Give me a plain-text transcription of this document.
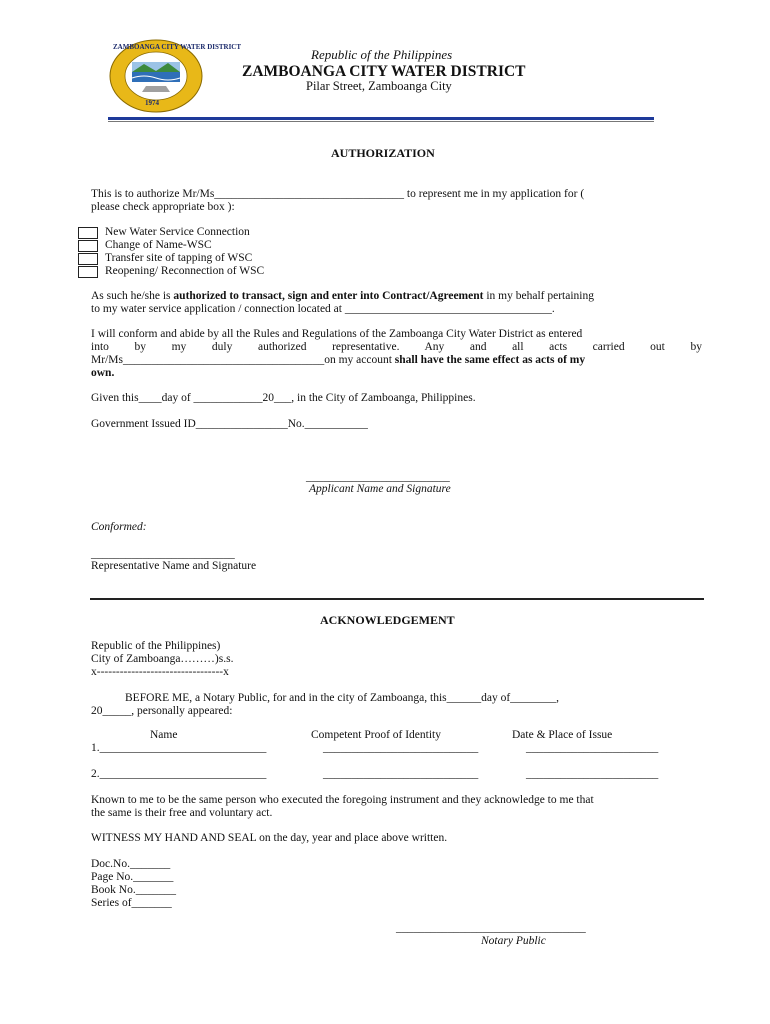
ZAMBOANGA CITY WATER DISTRICT
1974
Republic of the Philippines
ZAMBOANGA CITY WATER DISTRICT
Pilar Street, Zamboanga City
AUTHORIZATION
This is to authorize Mr/Ms_________________________________ to represent me in my application for (
please check appropriate box ):
New Water Service Connection
Change of Name-WSC
Transfer site of tapping of WSC
Reopening/ Reconnection of WSC
As such he/she is authorized to transact, sign and enter into Contract/Agreement in my behalf pertaining
to my water service application / connection located at ____________________________________.
I will conform and abide by all the Rules and Regulations of the Zamboanga City Water District as entered
into by my duly authorized representative. Any and all acts carried out by
Mr/Ms___________________________________on my account shall have the same effect as acts of my
own.
Given this____day of ____________20___, in the City of Zamboanga, Philippines.
Government Issued ID________________No.___________
_________________________
Applicant Name and Signature
Conformed:
_________________________
Representative Name and Signature
ACKNOWLEDGEMENT
Republic of the Philippines)
City of Zamboanga………)s.s.
x---------------------------------x
BEFORE ME, a Notary Public, for and in the city of Zamboanga, this______day of________,
20_____, personally appeared:
Name	Competent Proof of Identity	Date & Place of Issue
1._____________________________	___________________________	_______________________
2._____________________________	___________________________	_______________________
Known to me to be the same person who executed the foregoing instrument and they acknowledge to me that
the same is their free and voluntary act.
WITNESS MY HAND AND SEAL on the day, year and place above written.
Doc.No._______
Page No._______
Book No._______
Series of_______
_________________________________
Notary Public
